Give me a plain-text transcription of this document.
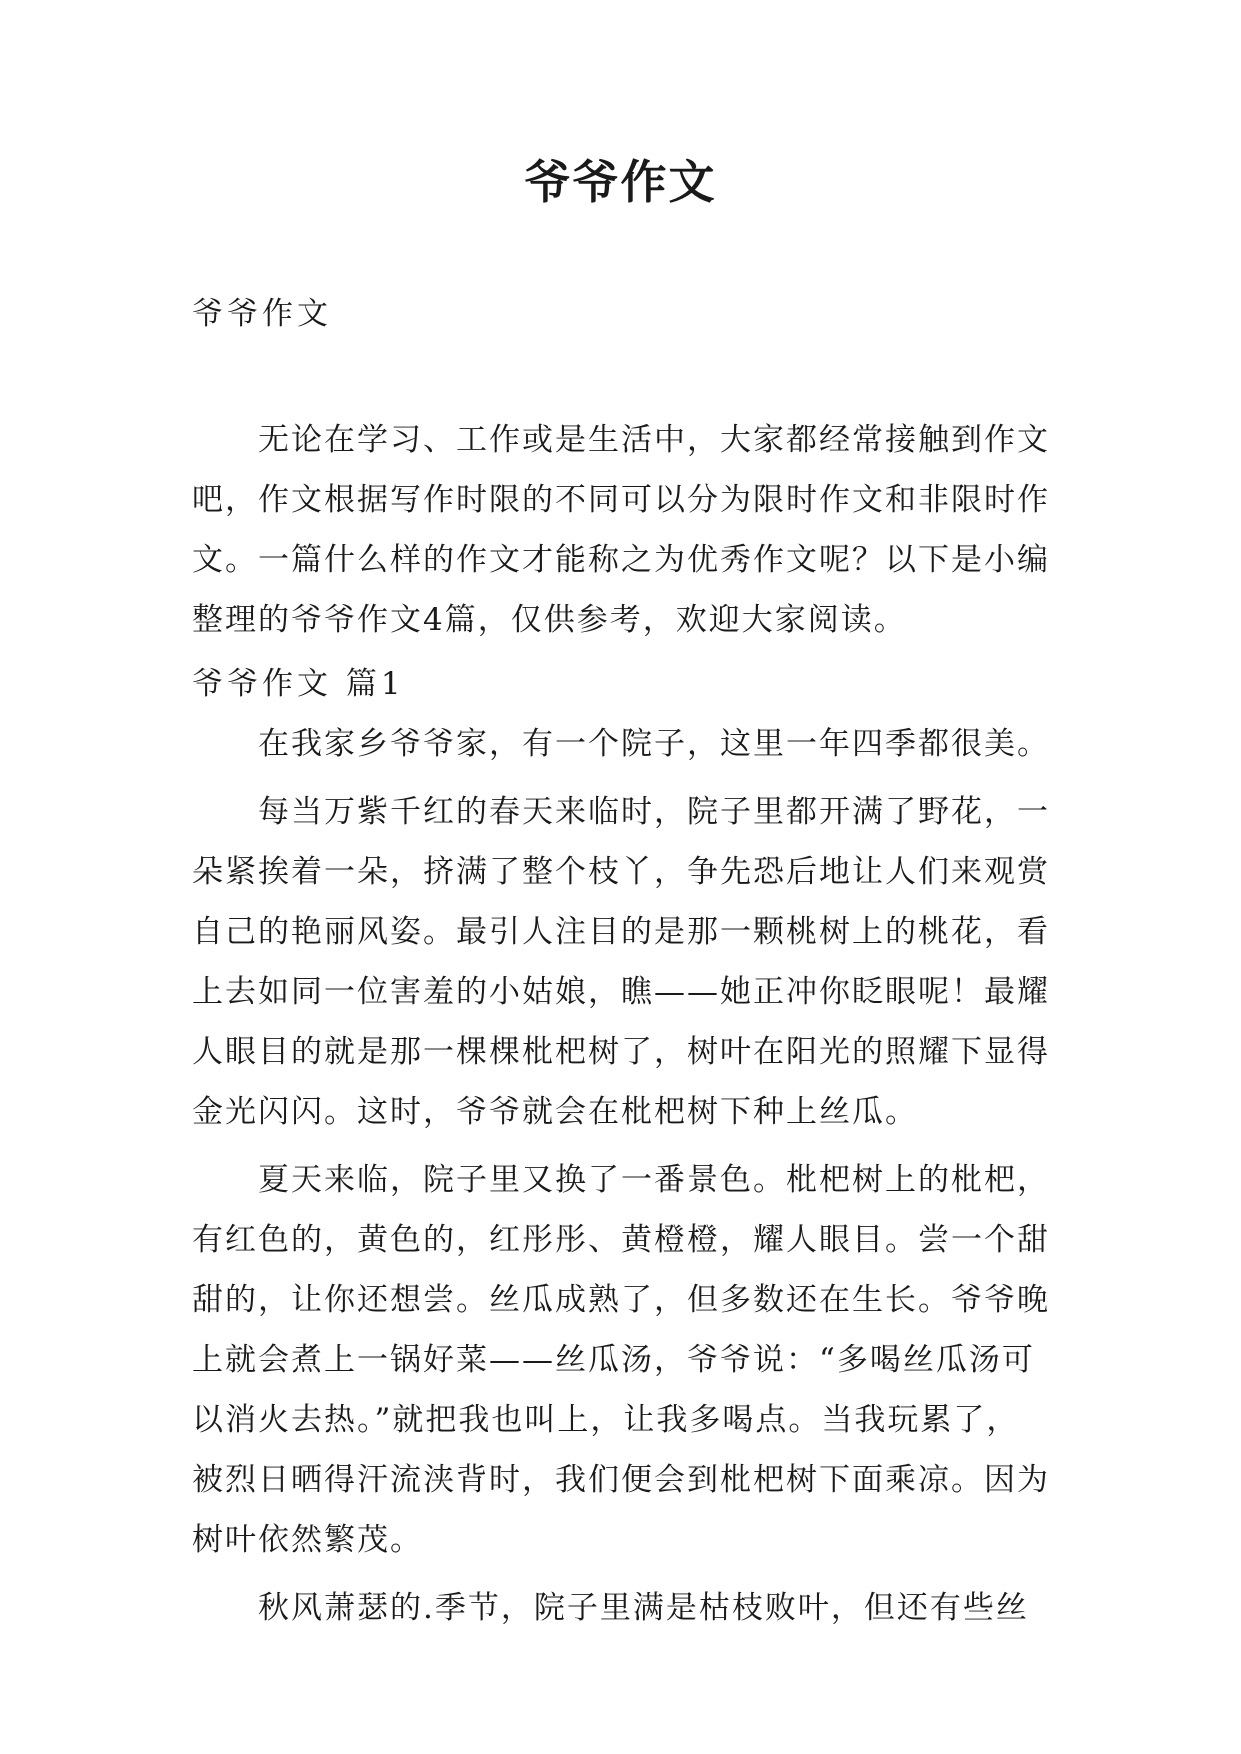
爷爷作文
爷爷作文

无论在学习、工作或是生活中，大家都经常接触到作文吧，作文根据写作时限的不同可以分为限时作文和非限时作文。一篇什么样的作文才能称之为优秀作文呢？以下是小编整理的爷爷作文4篇，仅供参考，欢迎大家阅读。

爷爷作文 篇1

在我家乡爷爷家，有一个院子，这里一年四季都很美。

每当万紫千红的春天来临时，院子里都开满了野花，一朵紧挨着一朵，挤满了整个枝丫，争先恐后地让人们来观赏自己的艳丽风姿。最引人注目的是那一颗桃树上的桃花，看上去如同一位害羞的小姑娘，瞧——她正冲你眨眼呢！最耀人眼目的就是那一棵棵枇杷树了，树叶在阳光的照耀下显得金光闪闪。这时，爷爷就会在枇杷树下种上丝瓜。

夏天来临，院子里又换了一番景色。枇杷树上的枇杷，有红色的，黄色的，红彤彤、黄橙橙，耀人眼目。尝一个甜甜的，让你还想尝。丝瓜成熟了，但多数还在生长。爷爷晚上就会煮上一锅好菜——丝瓜汤，爷爷说：“多喝丝瓜汤可以消火去热。”就把我也叫上，让我多喝点。当我玩累了，被烈日晒得汗流浃背时，我们便会到枇杷树下面乘凉。因为树叶依然繁茂。

秋风萧瑟的.季节，院子里满是枯枝败叶，但还有些丝
